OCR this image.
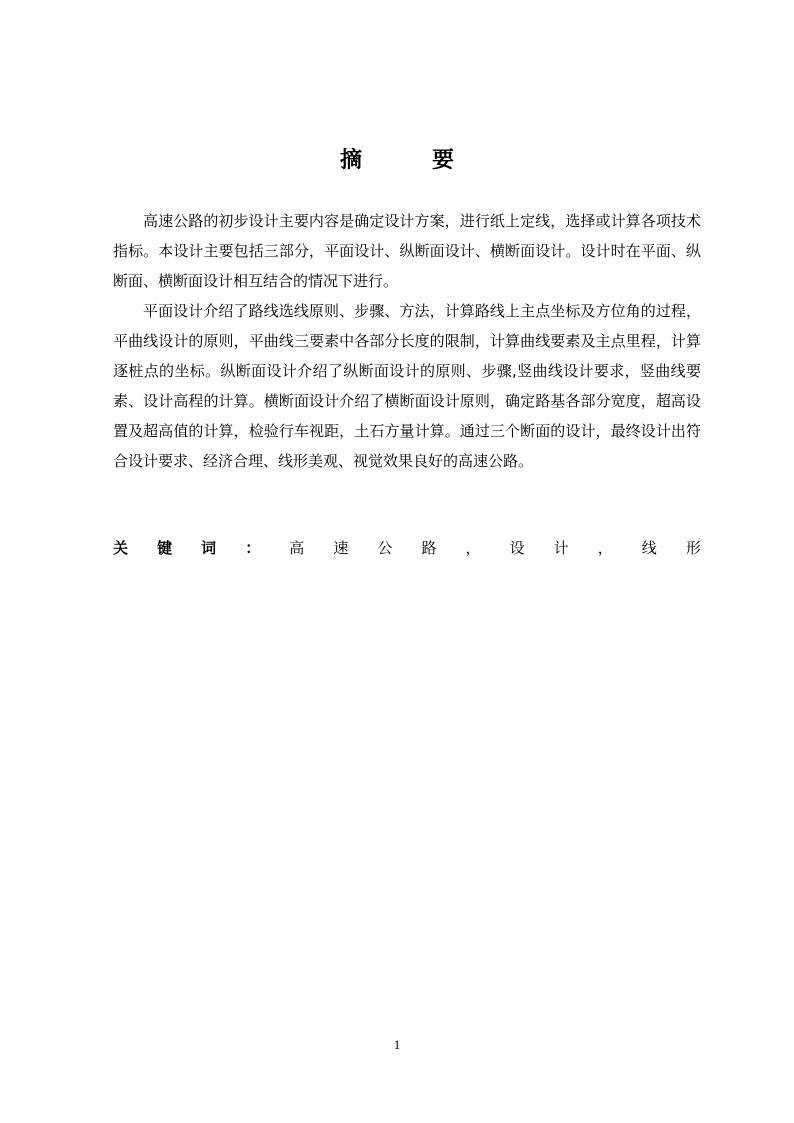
摘　要

高速公路的初步设计主要内容是确定设计方案，进行纸上定线，选择或计算各项技术指标。本设计主要包括三部分，平面设计、纵断面设计、横断面设计。设计时在平面、纵断面、横断面设计相互结合的情况下进行。

平面设计介绍了路线选线原则、步骤、方法，计算路线上主点坐标及方位角的过程，平曲线设计的原则，平曲线三要素中各部分长度的限制，计算曲线要素及主点里程，计算逐桩点的坐标。纵断面设计介绍了纵断面设计的原则、步骤,竖曲线设计要求，竖曲线要素、设计高程的计算。横断面设计介绍了横断面设计原则，确定路基各部分宽度，超高设置及超高值的计算，检验行车视距，土石方量计算。通过三个断面的设计，最终设计出符合设计要求、经济合理、线形美观、视觉效果良好的高速公路。

关 键 词 ： 高 速 公 路 ， 设 计 ， 线 形
1
